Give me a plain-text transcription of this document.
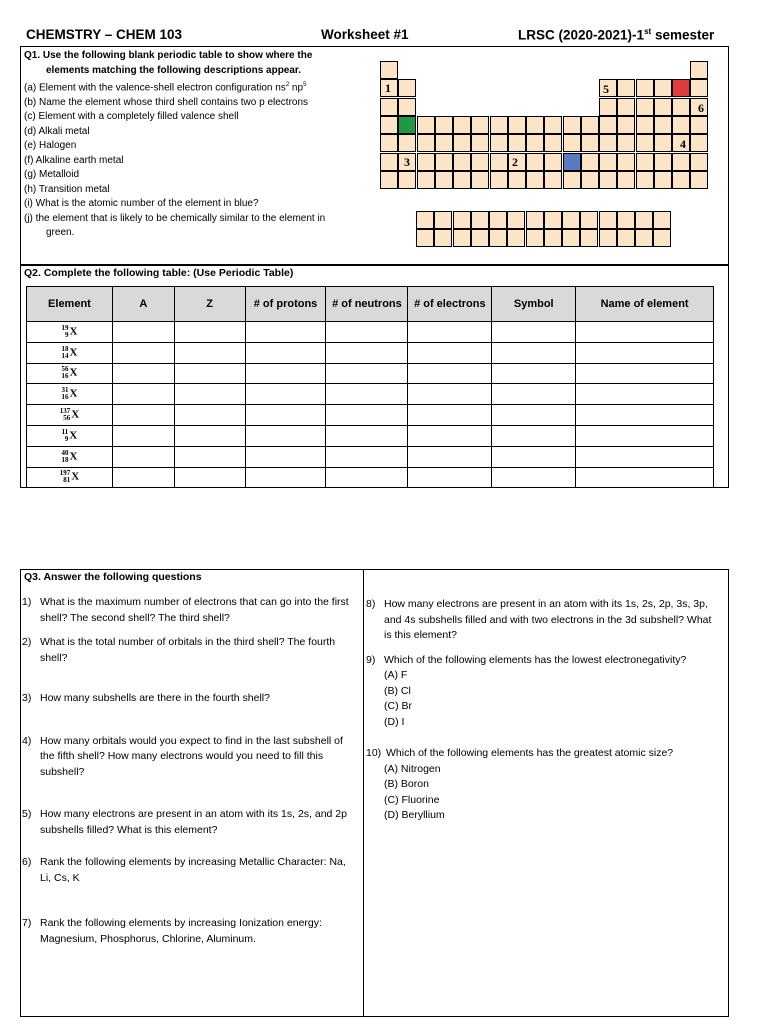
CHEMSTRY – CHEM 103	Worksheet #1	LRSC (2020-2021)-1st semester
Q1. Use the following blank periodic table to show where the
elements matching the following descriptions appear.
(a) Element with the valence-shell electron configuration $ns^2$ $np^5$
(b) Name the element whose third shell contains two p electrons
(c) Element with a completely filled valence shell
(d) Alkali metal
(e) Halogen
(f) Alkaline earth metal
(g) Metalloid
(h) Transition metal
(i) What is the atomic number of the element in blue?
(j) the element that is likely to be chemically similar to the element in
green.
1
2
3
4
5
6
Q2. Complete the following table: (Use Periodic Table)
Element	A	Z	# of protons	# of neutrons	# of electrons	Symbol	Name of element

19
9 X							

18
14 X							

56
16 X							

31
16 X							

137
56 X							

11
9 X							

40
18 X							

197
81 X							
Q3. Answer the following questions
1) What is the maximum number of electrons that can go into the first shell? The second shell? The third shell?
2) What is the total number of orbitals in the third shell? The fourth shell?
3) How many subshells are there in the fourth shell?
4) How many orbitals would you expect to find in the last subshell of the fifth shell? How many electrons would you need to fill this subshell?
5) How many electrons are present in an atom with its 1s, 2s, and 2p subshells filled? What is this element?
6) Rank the following elements by increasing Metallic Character: Na, Li, Cs, K
7) Rank the following elements by increasing Ionization energy: Magnesium, Phosphorus, Chlorine, Aluminum.
8) How many electrons are present in an atom with its 1s, 2s, 2p, 3s, 3p, and 4s subshells filled and with two electrons in the 3d subshell? What is this element?
9) Which of the following elements has the lowest electronegativity?
(A) F
(B) Cl
(C) Br
(D) I
10) Which of the following elements has the greatest atomic size?
(A) Nitrogen
(B) Boron
(C) Fluorine
(D) Beryllium
